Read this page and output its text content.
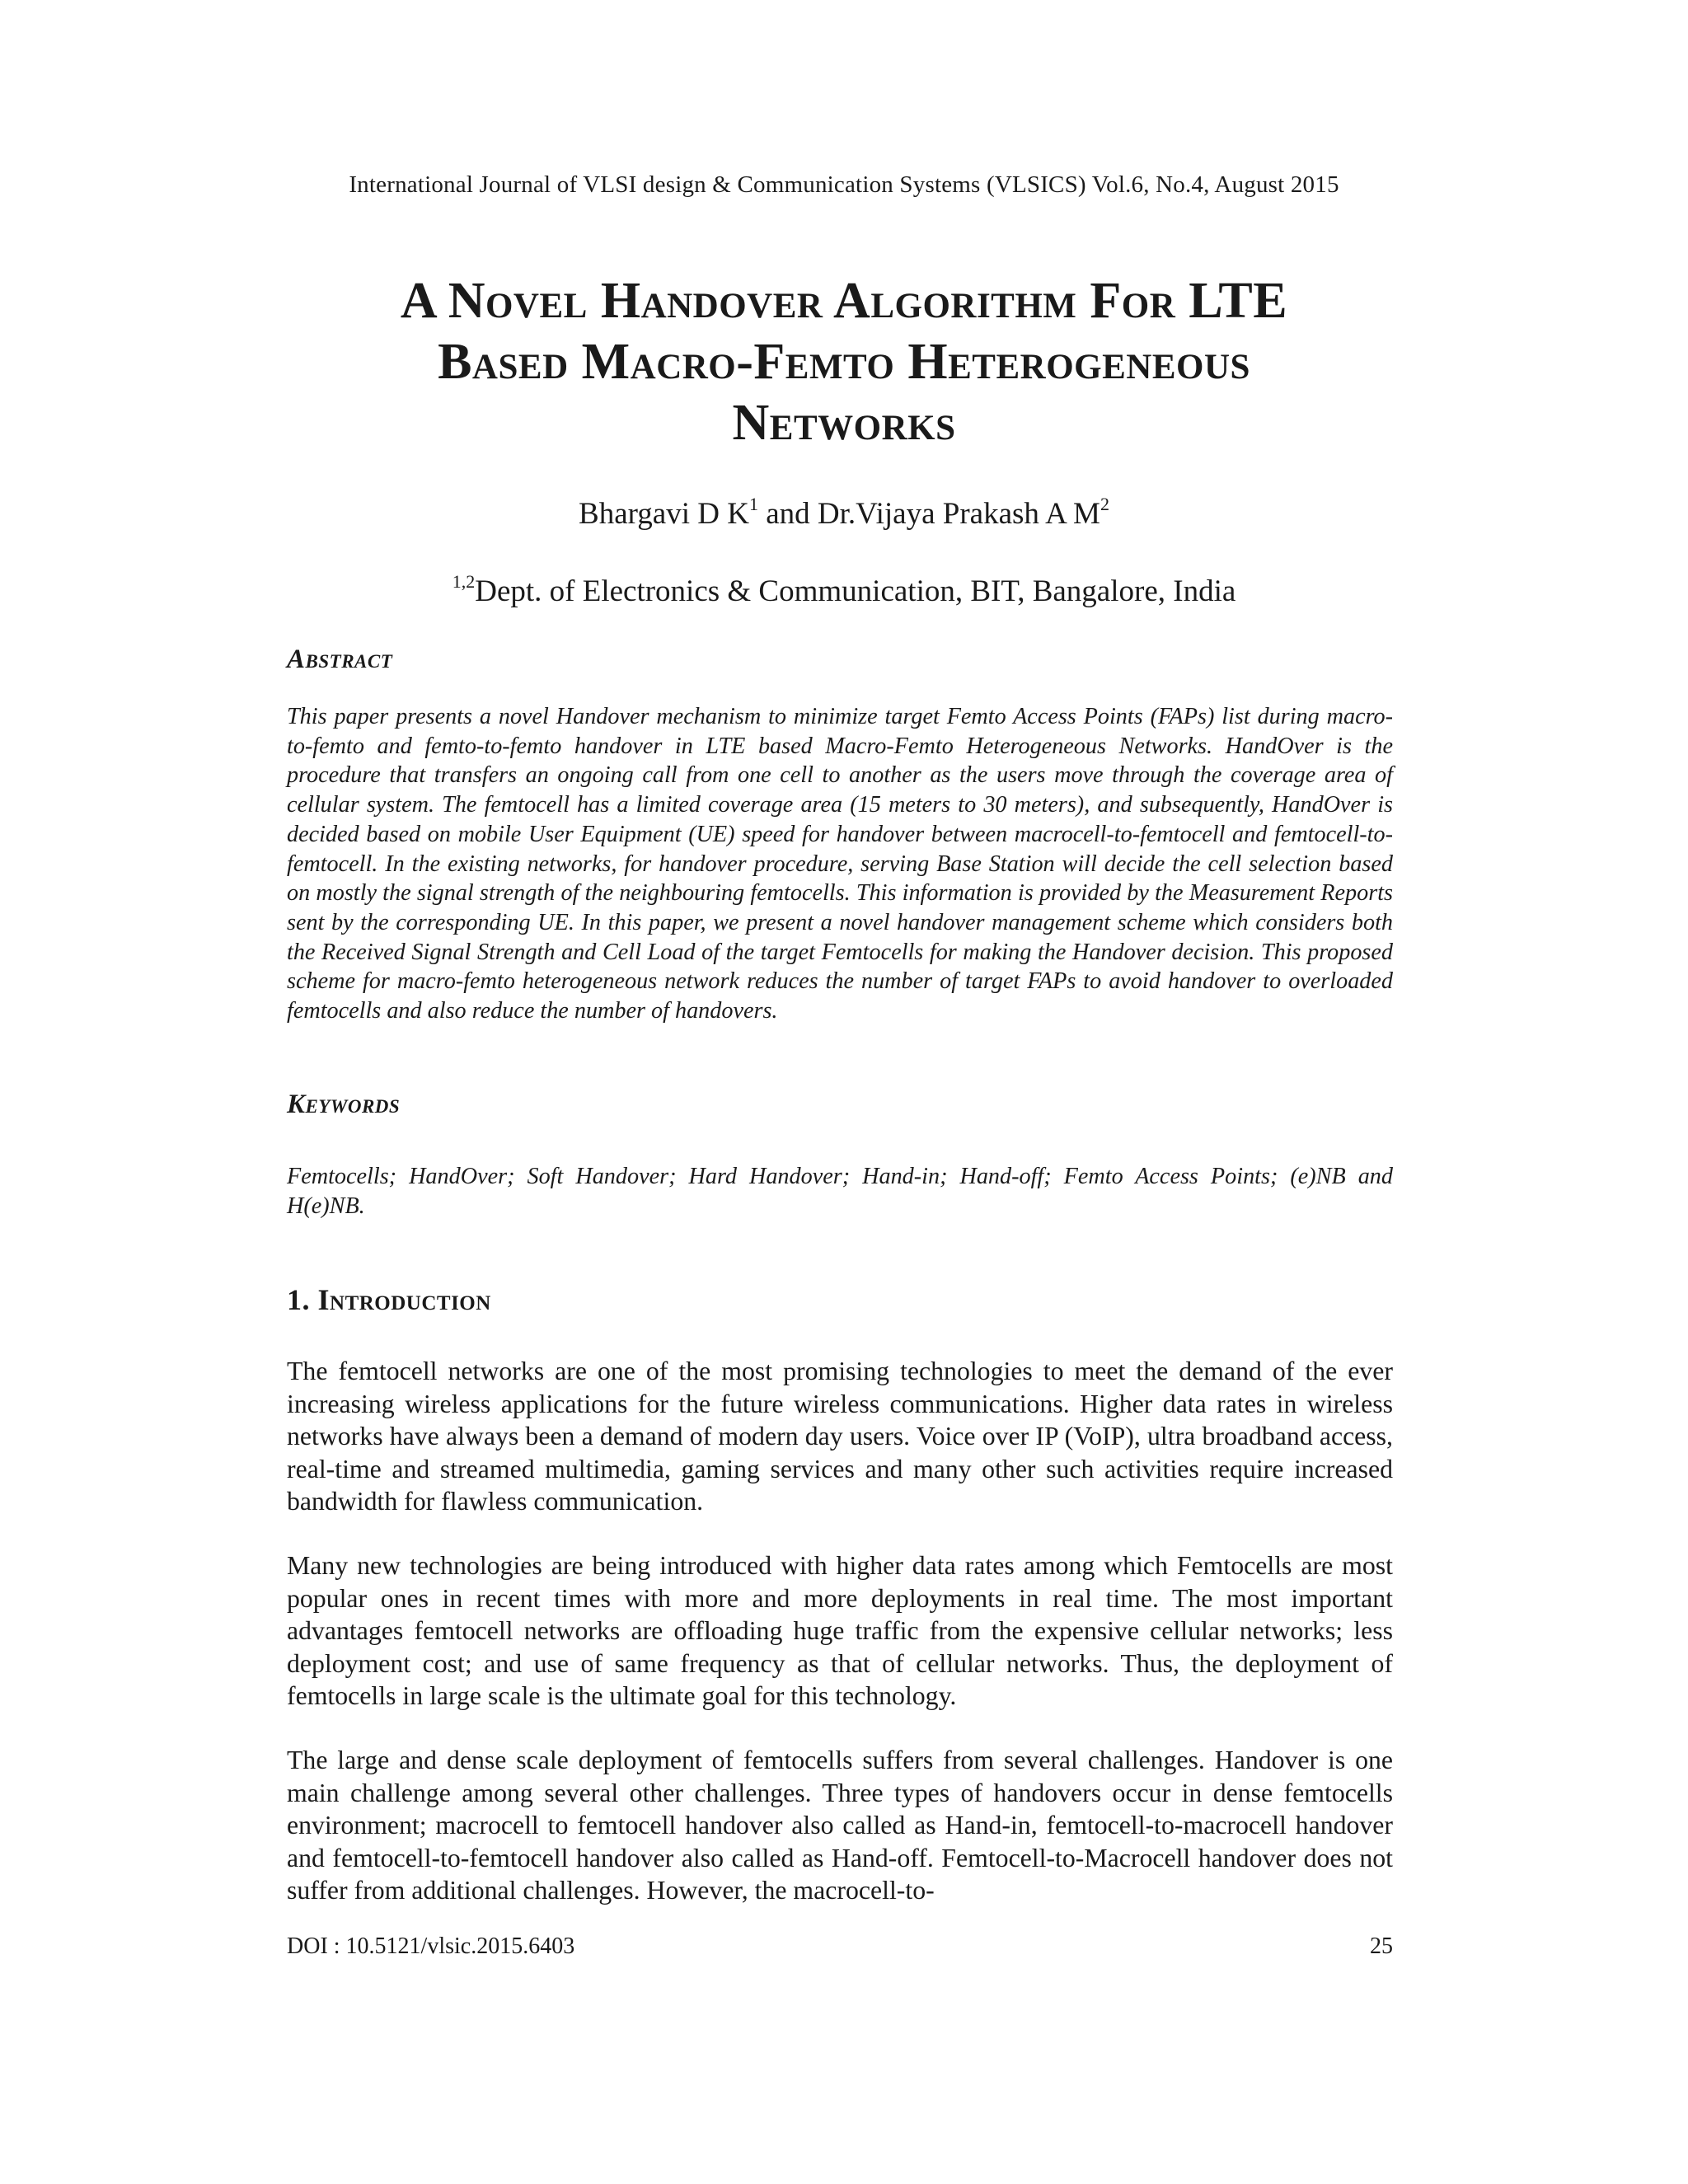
International Journal of VLSI design & Communication Systems (VLSICS) Vol.6, No.4, August 2015
A Novel Handover Algorithm For LTE
Based Macro-Femto Heterogeneous
Networks
Bhargavi D $K^1$ and Dr.Vijaya Prakash A $M^2$
$^{1,2}$Dept. of Electronics & Communication, BIT, Bangalore, India
Abstract
This paper presents a novel Handover mechanism to minimize target Femto Access Points (FAPs) list during macro-to-femto and femto-to-femto handover in LTE based Macro-Femto Heterogeneous Networks. HandOver is the procedure that transfers an ongoing call from one cell to another as the users move through the coverage area of cellular system. The femtocell has a limited coverage area (15 meters to 30 meters), and subsequently, HandOver is decided based on mobile User Equipment (UE) speed for handover between macrocell-to-femtocell and femtocell-to-femtocell. In the existing networks, for handover procedure, serving Base Station will decide the cell selection based on mostly the signal strength of the neighbouring femtocells. This information is provided by the Measurement Reports sent by the corresponding UE. In this paper, we present a novel handover management scheme which considers both the Received Signal Strength and Cell Load of the target Femtocells for making the Handover decision. This proposed scheme for macro-femto heterogeneous network reduces the number of target FAPs to avoid handover to overloaded femtocells and also reduce the number of handovers.
Keywords
Femtocells; HandOver; Soft Handover; Hard Handover; Hand-in; Hand-off; Femto Access Points; (e)NB and H(e)NB.
1. Introduction
The femtocell networks are one of the most promising technologies to meet the demand of the ever increasing wireless applications for the future wireless communications. Higher data rates in wireless networks have always been a demand of modern day users. Voice over IP (VoIP), ultra broadband access, real-time and streamed multimedia, gaming services and many other such activities require increased bandwidth for flawless communication.
Many new technologies are being introduced with higher data rates among which Femtocells are most popular ones in recent times with more and more deployments in real time. The most important advantages femtocell networks are offloading huge traffic from the expensive cellular networks; less deployment cost; and use of same frequency as that of cellular networks. Thus, the deployment of femtocells in large scale is the ultimate goal for this technology.
The large and dense scale deployment of femtocells suffers from several challenges. Handover is one main challenge among several other challenges. Three types of handovers occur in dense femtocells environment; macrocell to femtocell handover also called as Hand-in, femtocell-to-macrocell handover and femtocell-to-femtocell handover also called as Hand-off. Femtocell-to-Macrocell handover does not suffer from additional challenges. However, the macrocell-to-
DOI : 10.5121/vlsic.2015.6403	25
